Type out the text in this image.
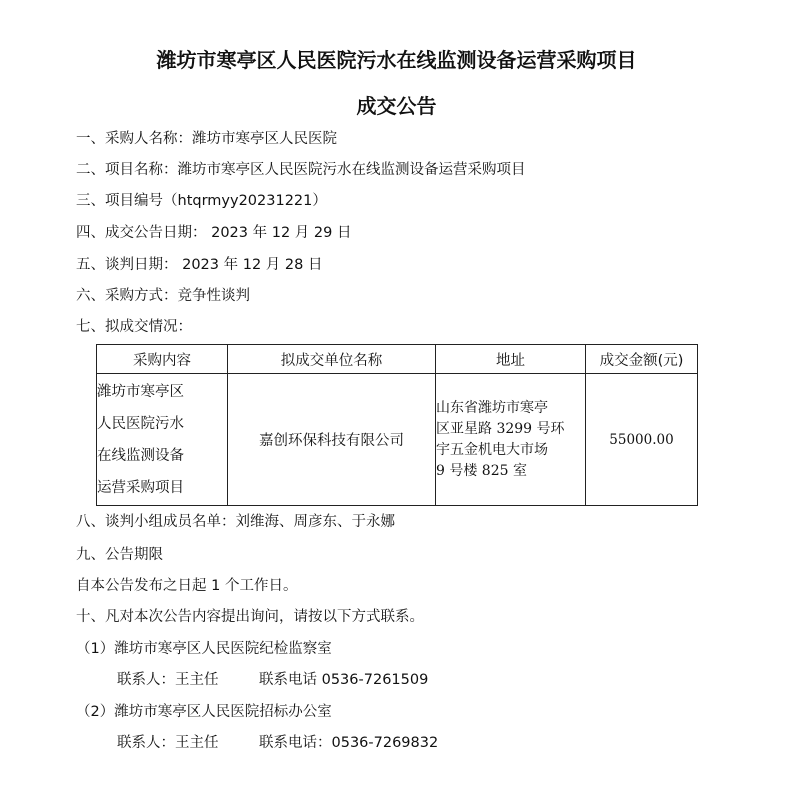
潍坊市寒亭区人民医院污水在线监测设备运营采购项目
成交公告
一、采购人名称：潍坊市寒亭区人民医院
二、项目名称：潍坊市寒亭区人民医院污水在线监测设备运营采购项目
三、项目编号（htqrmyy20231221）
四、成交公告日期： 2023 年 12 月 29 日
五、谈判日期： 2023 年 12 月 28 日
六、采购方式：竞争性谈判
七、拟成交情况：
采购内容	拟成交单位名称	地址	成交金额(元)

潍坊市寒亭区
人民医院污水
在线监测设备
运营采购项目	嘉创环保科技有限公司	山东省潍坊市寒亭
区亚星路 3299 号环
宇五金机电大市场
9 号楼 825 室	55000.00
八、谈判小组成员名单：刘维海、周彦东、于永娜
九、公告期限
自本公告发布之日起 1 个工作日。
十、凡对本次公告内容提出询问，请按以下方式联系。
（1）潍坊市寒亭区人民医院纪检监察室
联系人：王主任	联系电话 0536-7261509
（2）潍坊市寒亭区人民医院招标办公室
联系人：王主任	联系电话：0536-7269832
